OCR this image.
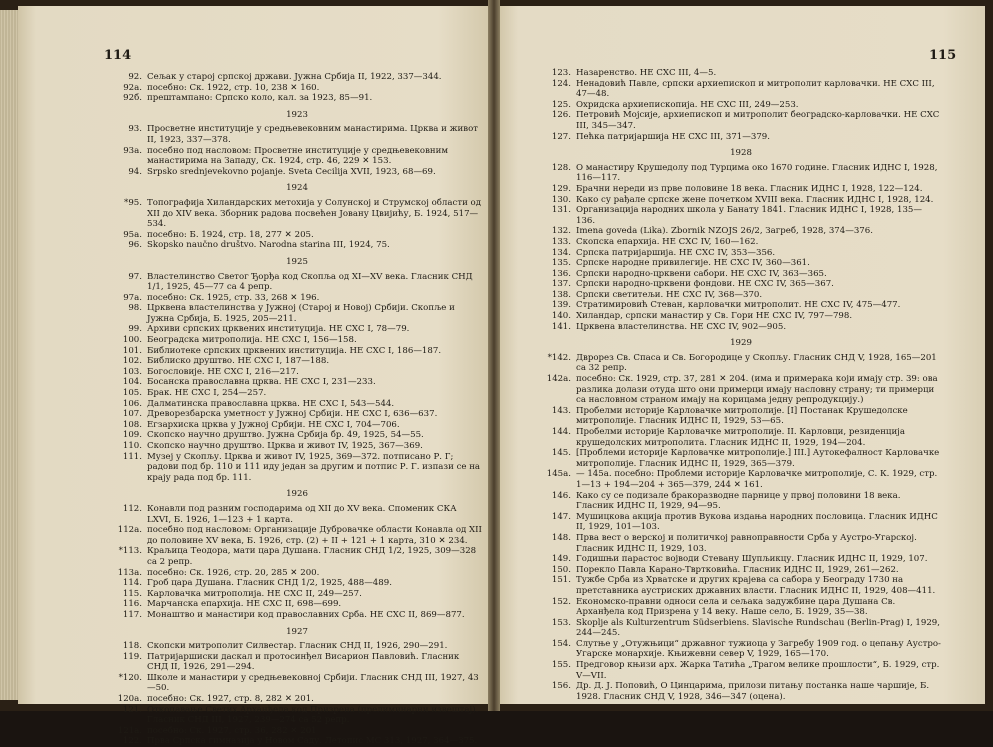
114
92. Сељак у старој српској држави. Јужна Србија II, 1922, 337—344.
92а. посебно: Ск. 1922, стр. 10, 238 ✕ 160.
92б. прештампано: Српско коло, кал. за 1923, 85—91.
1923
93. Просветне институције у средњевековним манастирима. Црква и живот II, 1923, 337—378.
93а. посебно под насловом: Просветне институције у средњевековним манастирима на Западу, Ск. 1924, стр. 46, 229 ✕ 153.
94. Srpsko srednjevekovno pojanje. Sveta Cecilija XVII, 1923, 68—69.
1924
*95. Топографија Хиландарских метохија у Солунској и Струмској области од XII до XIV века. Зборник радова посвећен Јовану Цвијићу, Б. 1924, 517—534.
95а. посебно: Б. 1924, стр. 18, 277 ✕ 205.
96. Skopsko naučno društvo. Narodna starina III, 1924, 75.
1925
97. Властелинство Светог Ђорђа код Скопља од XI—XV века. Гласник СНД 1/1, 1925, 45—77 са 4 репр.
97а. посебно: Ск. 1925, стр. 33, 268 ✕ 196.
98. Црквена властелинства у Јужној (Старој и Новој) Србији. Скопље и Јужна Србија, Б. 1925, 205—211.
99. Архиви српских црквених институција. НЕ СХС I, 78—79.
100. Београдска митрополија. НЕ СХС I, 156—158.
101. Библиотеке српских црквених институција. НЕ СХС I, 186—187.
102. Библиско друштво. НЕ СХС I, 187—188.
103. Богословије. НЕ СХС I, 216—217.
104. Босанска православна црква. НЕ СХС I, 231—233.
105. Брак. НЕ СХС I, 254—257.
106. Далматинска православна црква. НЕ СХС I, 543—544.
107. Древорезбарска уметност у Јужној Србији. НЕ СХС I, 636—637.
108. Егзархиска црква у Јужној Србији. НЕ СХС I, 704—706.
109. Скопско научно друштво. Јужна Србија бр. 49, 1925, 54—55.
110. Скопско научно друштво. Црква и живот IV, 1925, 367—369.
111. Музеј у Скопљу. Црква и живот IV, 1925, 369—372. потписано Р. Г; радови под бр. 110 и 111 иду један за другим и потпис Р. Г. изпази се на крају рада под бр. 111.
1926
112. Конавли под разним господарима од XII до XV века. Споменик СКА LXVI, Б. 1926, 1—123 + 1 карта.
112а. посебно под насловом: Организације Дубровачке области Конавла од XII до половине XV века, Б. 1926, стр. (2) + II + 121 + 1 карта, 310 ✕ 234.
*113. Краљица Теодора, мати цара Душана. Гласник СНД 1/2, 1925, 309—328 са 2 репр.
113а. посебно: Ск. 1926, стр. 20, 285 ✕ 200.
114. Гроб цара Душана. Гласник СНД 1/2, 1925, 488—489.
115. Карловачка митрополија. НЕ СХС II, 249—257.
116. Марчанска епархија. НЕ СХС II, 698—699.
117. Монаштво и манастири код православних Срба. НЕ СХС II, 869—877.
1927
118. Скопски митрополит Силвестар. Гласник СНД II, 1926, 290—291.
119. Патријаршиски даскал и протосинђел Висарион Павловић. Гласник СНД II, 1926, 291—294.
*120. Школе и манастири у средњевековној Србији. Гласник СНД III, 1927, 43—50.
120а. посебно: Ск. 1927, стр. 8, 282 ✕ 201.
121. Откопавање Светих Арханђела код Призрена (прелиминарни извештај). Гласник СНД III, 1927, 239—274 са 52 репр.
121а. посебно: Ск. 1927, стр. 36, 282 ✕ 201
122. Прва Српска гимназија у Новом Саду. Летопис МС 313, 1927, 364—375.
115
123. Назаренство. НЕ СХС III, 4—5.
124. Ненадовић Павле, српски архиепископ и митрополит карловачки. НЕ СХС III, 47—48.
125. Охридска архиепископија. НЕ СХС III, 249—253.
126. Петровић Мојсије, архиепископ и митрополит београдско-карловачки. НЕ СХС III, 345—347.
127. Пећка патријаршија НЕ СХС III, 371—379.
1928
128. О манастиру Крушедолу под Турцима око 1670 године. Гласник ИДНС I, 1928, 116—117.
129. Брачни нереди из прве половине 18 века. Гласник ИДНС I, 1928, 122—124.
130. Како су рађале српске жене почетком XVIII века. Гласник ИДНС I, 1928, 124.
131. Организација народних школа у Банату 1841. Гласник ИДНС I, 1928, 135—136.
132. Imena goveda (Lika). Zbornik NZOJS 26/2, Загреб, 1928, 374—376.
133. Скопска епархија. НЕ СХС IV, 160—162.
134. Српска патријаршија. НЕ СХС IV, 353—356.
135. Српске народне привилегије. НЕ СХС IV, 360—361.
136. Српски народно-црквени сабори. НЕ СХС IV, 363—365.
137. Српски народно-црквени фондови. НЕ СХС IV, 365—367.
138. Српски светитељи. НЕ СХС IV, 368—370.
139. Стратимировић Стеван, карловачки митрополит. НЕ СХС IV, 475—477.
140. Хиландар, српски манастир у Св. Гори НЕ СХС IV, 797—798.
141. Црквена властелинства. НЕ СХС IV, 902—905.
1929
*142. Дврорез Св. Спаса и Св. Богородице у Скопљу. Гласник СНД V, 1928, 165—201 са 32 репр.
142а. посебно: Ск. 1929, стр. 37, 281 ✕ 204. (има и примерака који имају стр. 39: ова разлика долази отуда што они примерци имају насловну страну; ти примерци са насловном страном имају на корицама једну репродукцију.)
143. Пробелми историје Карловачке митрополије. [I] Постанак Крушедолске митрополије. Гласник ИДНС II, 1929, 53—65.
144. Пробелми историје Карловачке митрополије. II. Карловци, резиденција крушедолских митрополита. Гласник ИДНС II, 1929, 194—204.
145. [Проблеми историје Карловачке митрополије.] III.] Аутокефалност Карловачке митрополије. Гласник ИДНС II, 1929, 365—379.
145а. — 145а. посебно: Проблеми историје Карловачке митрополије, С. К. 1929, стр. 1—13 + 194—204 + 365—379, 244 ✕ 161.
146. Како су се подизале бракоразводне парнице у првој половини 18 века. Гласник ИДНС II, 1929, 94—95.
147. Мушицкова акција против Вукова издања народних пословица. Гласник ИДНС II, 1929, 101—103.
148. Прва вест о верској и политичкој равноправности Срба у Аустро-Угарској. Гласник ИДНС II, 1929, 103.
149. Годишњи парастос војводи Стевану Шупљикцу. Гласник ИДНС II, 1929, 107.
150. Порекло Павла Карано-Тврткoвића. Гласник ИДНС II, 1929, 261—262.
151. Тужбе Срба из Хрватске и других крајева са сабора у Београду 1730 на претставника аустриских државних власти. Гласник ИДНС II, 1929, 408—411.
152. Економско-правни односи села и сељака задужбине цара Душана Св. Арханђела код Призрена у 14 веку. Наше село, Б. 1929, 35—38.
153. Skoplje als Kulturzentrum Südserbiens. Slavische Rundschau (Berlin-Prag) I, 1929, 244—245.
154. Слутње у „Отужњици“ државног тужиоца у Загребу 1909 год. о цепању Аустро-Угарске монархије. Књижевни север V, 1929, 165—170.
155. Предговор књизи арх. Жарка Татића „Трагом велике прошлости“, Б. 1929, стр. V—VII.
156. Др. Д. Ј. Поповић, О Цинцарима, прилози питању постанка наше чаршије, Б. 1928. Гласник СНД V, 1928, 346—347 (оцена).
